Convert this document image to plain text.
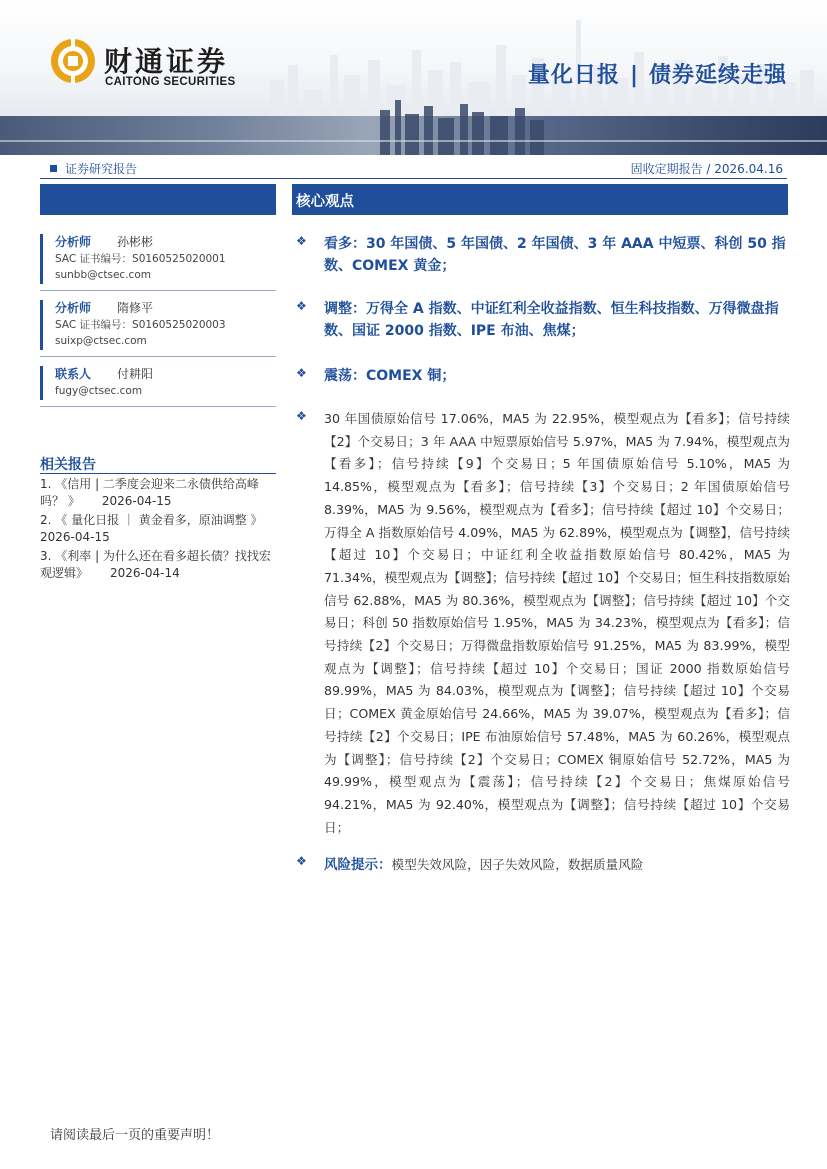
财通证券
CAITONG SECURITIES	量化日报 | 债券延续走强
证券研究报告	固收定期报告 / 2026.04.16
分析师 孙彬彬
SAC 证书编号：S0160525020001
sunbb@ctsec.com
分析师 隋修平
SAC 证书编号：S0160525020003
suixp@ctsec.com
联系人 付耕阳
fugy@ctsec.com
相关报告
1. 《信用 | 二季度会迎来二永债供给高峰吗？ 》 2026-04-15
2. 《 量化日报 ｜ 黄金看多，原油调整 》
2026-04-15
3. 《利率 | 为什么还在看多超长债？找找宏观逻辑》 2026-04-14
核心观点
❖ 看多：30 年国债、5 年国债、2 年国债、3 年 AAA 中短票、科创 50 指数、COMEX 黄金；
❖ 调整：万得全 A 指数、中证红利全收益指数、恒生科技指数、万得微盘指数、国证 2000 指数、IPE 布油、焦煤；
❖ 震荡：COMEX 铜；
❖ 30 年国债原始信号 17.06%，MA5 为 22.95%，模型观点为【看多】；信号持续【2】个交易日；3 年 AAA 中短票原始信号 5.97%，MA5 为 7.94%，模型观点为【看多】；信号持续【9】个交易日；5 年国债原始信号 5.10%，MA5 为 14.85%，模型观点为【看多】；信号持续【3】个交易日；2 年国债原始信号 8.39%，MA5 为 9.56%，模型观点为【看多】；信号持续【超过 10】个交易日；万得全 A 指数原始信号 4.09%，MA5 为 62.89%，模型观点为【调整】，信号持续【超过 10】个交易日；中证红利全收益指数原始信号 80.42%，MA5 为 71.34%，模型观点为【调整】；信号持续【超过 10】个交易日；恒生科技指数原始信号 62.88%，MA5 为 80.36%，模型观点为【调整】；信号持续【超过 10】个交易日；科创 50 指数原始信号 1.95%，MA5 为 34.23%，模型观点为【看多】；信号持续【2】个交易日；万得微盘指数原始信号 91.25%，MA5 为 83.99%，模型观点为【调整】；信号持续【超过 10】个交易日；国证 2000 指数原始信号 89.99%，MA5 为 84.03%，模型观点为【调整】；信号持续【超过 10】个交易日；COMEX 黄金原始信号 24.66%，MA5 为 39.07%，模型观点为【看多】；信号持续【2】个交易日；IPE 布油原始信号 57.48%，MA5 为 60.26%，模型观点为【调整】；信号持续【2】个交易日；COMEX 铜原始信号 52.72%，MA5 为 49.99%，模型观点为【震荡】；信号持续【2】个交易日；焦煤原始信号 94.21%，MA5 为 92.40%，模型观点为【调整】；信号持续【超过 10】个交易日；
❖ 风险提示：模型失效风险，因子失效风险，数据质量风险
请阅读最后一页的重要声明！
